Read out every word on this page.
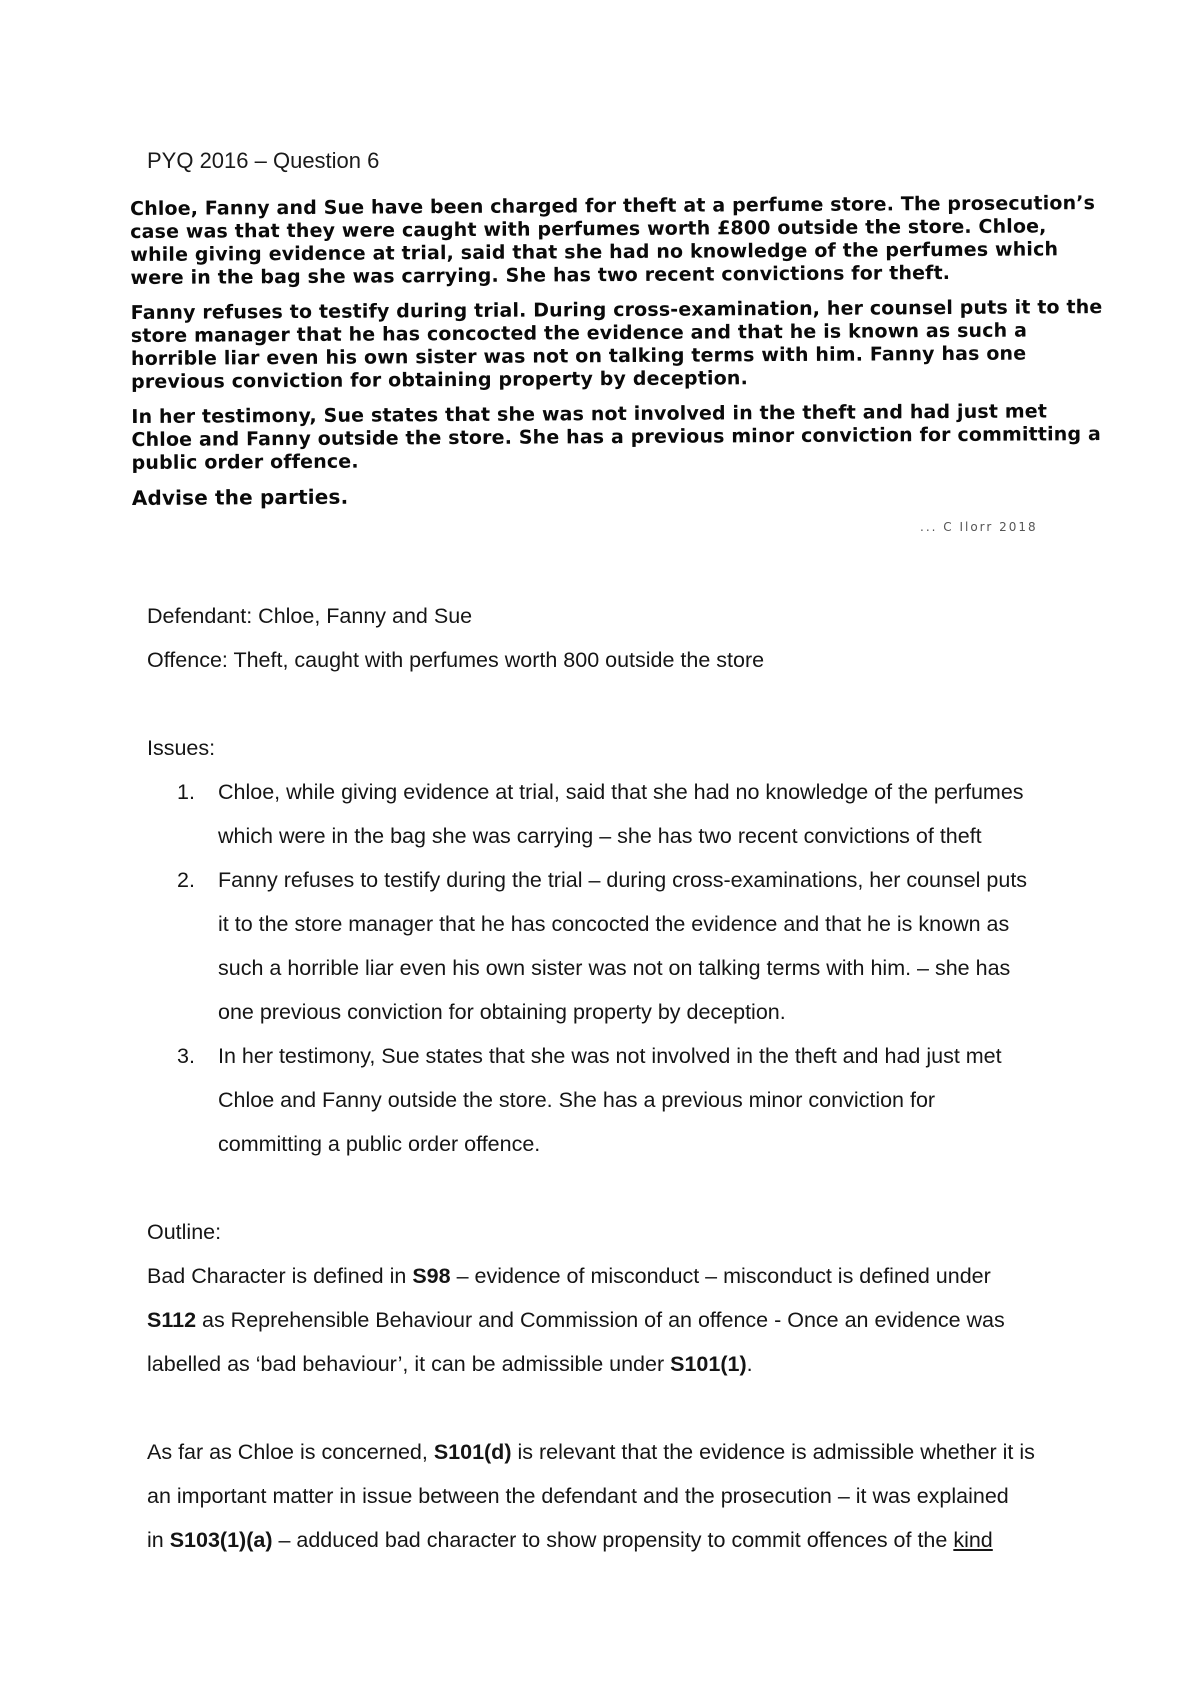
PYQ 2016 – Question 6

Chloe, Fanny and Sue have been charged for theft at a perfume store. The prosecution’s case was that they were caught with perfumes worth £800 outside the store. Chloe, while giving evidence at trial, said that she had no knowledge of the perfumes which were in the bag she was carrying. She has two recent convictions for theft.

Fanny refuses to testify during trial. During cross-examination, her counsel puts it to the store manager that he has concocted the evidence and that he is known as such a horrible liar even his own sister was not on talking terms with him. Fanny has one previous conviction for obtaining property by deception.

In her testimony, Sue states that she was not involved in the theft and had just met Chloe and Fanny outside the store. She has a previous minor conviction for committing a public order offence.

Advise the parties.

... C Ilorr 2018
Defendant: Chloe, Fanny and Sue
Offence: Theft, caught with perfumes worth 800 outside the store
Issues:
1.	Chloe, while giving evidence at trial, said that she had no knowledge of the perfumes
which were in the bag she was carrying – she has two recent convictions of theft
2.	Fanny refuses to testify during the trial – during cross-examinations, her counsel puts
it to the store manager that he has concocted the evidence and that he is known as
such a horrible liar even his own sister was not on talking terms with him. – she has
one previous conviction for obtaining property by deception.
3.	In her testimony, Sue states that she was not involved in the theft and had just met
Chloe and Fanny outside the store. She has a previous minor conviction for
committing a public order offence.
Outline:
Bad Character is defined in S98 – evidence of misconduct – misconduct is defined under
S112 as Reprehensible Behaviour and Commission of an offence - Once an evidence was
labelled as ‘bad behaviour’, it can be admissible under S101(1).
As far as Chloe is concerned, S101(d) is relevant that the evidence is admissible whether it is
an important matter in issue between the defendant and the prosecution – it was explained
in S103(1)(a) – adduced bad character to show propensity to commit offences of the kind
